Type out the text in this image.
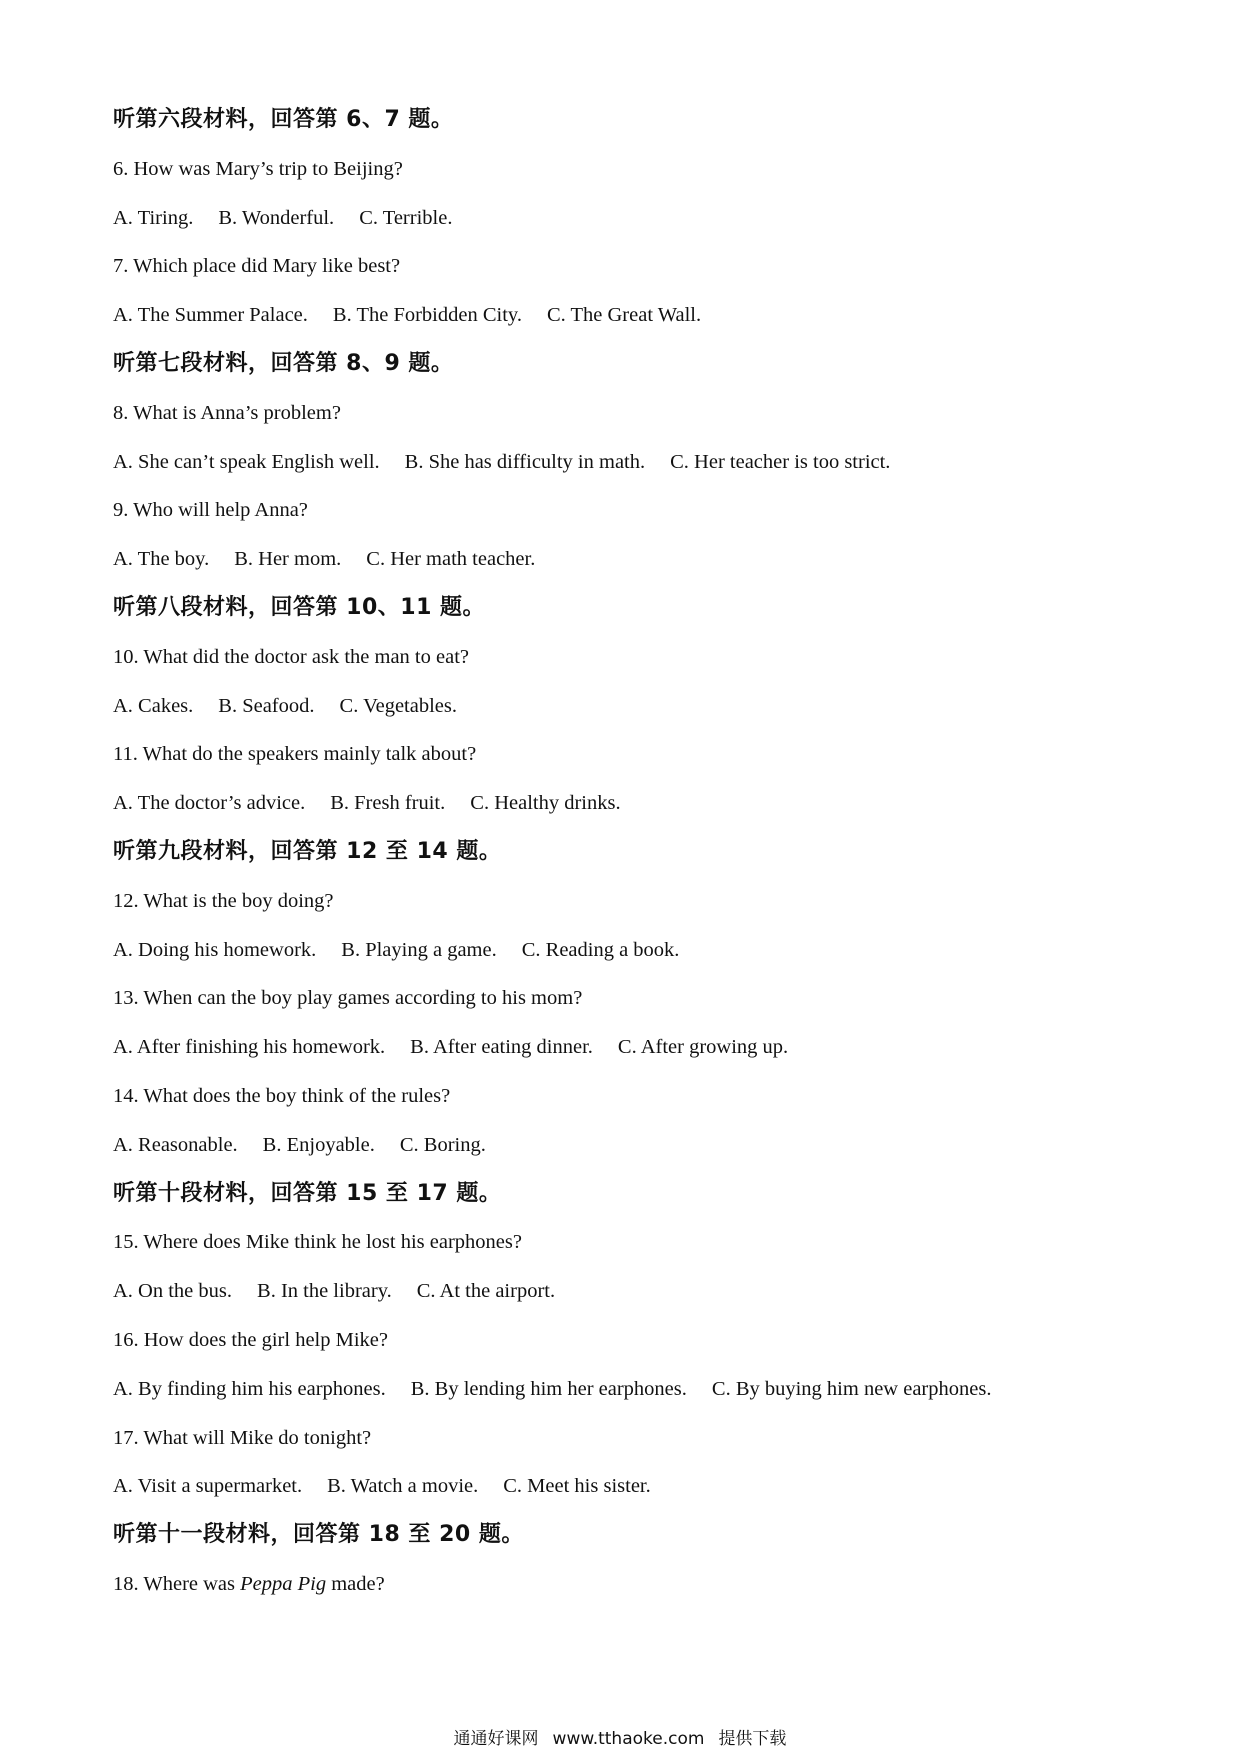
听第六段材料，回答第 6、7 题。
6. How was Mary’s trip to Beijing?
A. Tiring. B. Wonderful. C. Terrible.
7. Which place did Mary like best?
A. The Summer Palace. B. The Forbidden City. C. The Great Wall.
听第七段材料，回答第 8、9 题。
8. What is Anna’s problem?
A. She can’t speak English well. B. She has difficulty in math. C. Her teacher is too strict.
9. Who will help Anna?
A. The boy. B. Her mom. C. Her math teacher.
听第八段材料，回答第 10、11 题。
10. What did the doctor ask the man to eat?
A. Cakes. B. Seafood. C. Vegetables.
11. What do the speakers mainly talk about?
A. The doctor’s advice. B. Fresh fruit. C. Healthy drinks.
听第九段材料，回答第 12 至 14 题。
12. What is the boy doing?
A. Doing his homework. B. Playing a game. C. Reading a book.
13. When can the boy play games according to his mom?
A. After finishing his homework. B. After eating dinner. C. After growing up.
14. What does the boy think of the rules?
A. Reasonable. B. Enjoyable. C. Boring.
听第十段材料，回答第 15 至 17 题。
15. Where does Mike think he lost his earphones?
A. On the bus. B. In the library. C. At the airport.
16. How does the girl help Mike?
A. By finding him his earphones. B. By lending him her earphones. C. By buying him new earphones.
17. What will Mike do tonight?
A. Visit a supermarket. B. Watch a movie. C. Meet his sister.
听第十一段材料，回答第 18 至 20 题。
18. Where was Peppa Pig made?
通通好课网 www.tthaoke.com 提供下载
